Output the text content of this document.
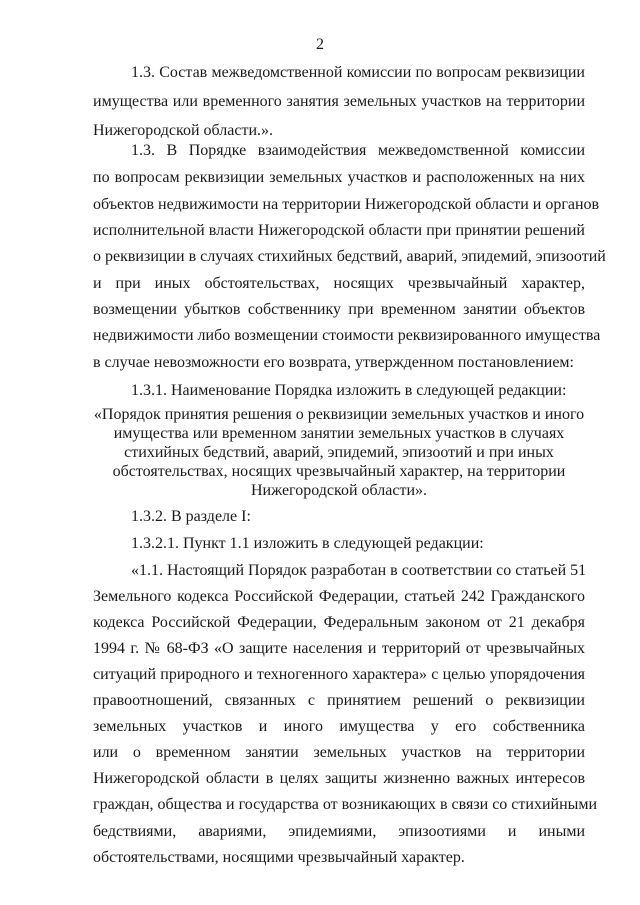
2
1.3. Состав межведомственной комиссии по вопросам реквизиции
имущества или временного занятия земельных участков на территории
Нижегородской области.».
1.3. В Порядке взаимодействия межведомственной комиссии
по вопросам реквизиции земельных участков и расположенных на них
объектов недвижимости на территории Нижегородской области и органов
исполнительной власти Нижегородской области при принятии решений
о реквизиции в случаях стихийных бедствий, аварий, эпидемий, эпизоотий
и при иных обстоятельствах, носящих чрезвычайный характер,
возмещении убытков собственнику при временном занятии объектов
недвижимости либо возмещении стоимости реквизированного имущества
в случае невозможности его возврата, утвержденном постановлением:
1.3.1. Наименование Порядка изложить в следующей редакции:
«Порядок принятия решения о реквизиции земельных участков и иного
имущества или временном занятии земельных участков в случаях
стихийных бедствий, аварий, эпидемий, эпизоотий и при иных
обстоятельствах, носящих чрезвычайный характер, на территории
Нижегородской области».
1.3.2. В разделе I:
1.3.2.1. Пункт 1.1 изложить в следующей редакции:
«1.1. Настоящий Порядок разработан в соответствии со статьей 51
Земельного кодекса Российской Федерации, статьей 242 Гражданского
кодекса Российской Федерации, Федеральным законом от 21 декабря
1994 г. № 68-ФЗ «О защите населения и территорий от чрезвычайных
ситуаций природного и техногенного характера» с целью упорядочения
правоотношений, связанных с принятием решений о реквизиции
земельных участков и иного имущества у его собственника
или о временном занятии земельных участков на территории
Нижегородской области в целях защиты жизненно важных интересов
граждан, общества и государства от возникающих в связи со стихийными
бедствиями, авариями, эпидемиями, эпизоотиями и иными
обстоятельствами, носящими чрезвычайный характер.
